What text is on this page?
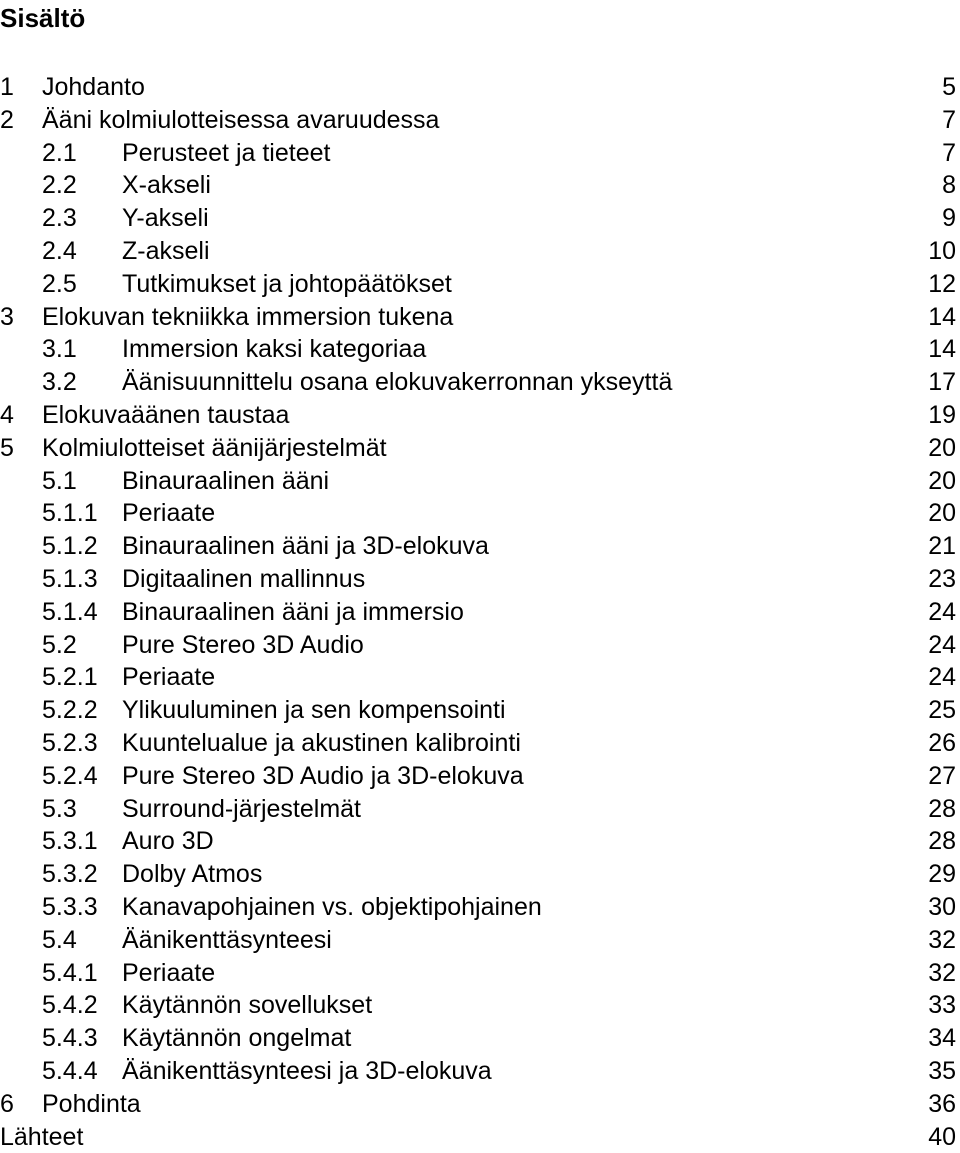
Sisältö
1 Johdanto	5
2 Ääni kolmiulotteisessa avaruudessa	7
2.1 Perusteet ja tieteet	7
2.2 X-akseli	8
2.3 Y-akseli	9
2.4 Z-akseli	10
2.5 Tutkimukset ja johtopäätökset	12
3 Elokuvan tekniikka immersion tukena	14
3.1 Immersion kaksi kategoriaa	14
3.2 Äänisuunnittelu osana elokuvakerronnan ykseyttä	17
4 Elokuvaäänen taustaa	19
5 Kolmiulotteiset äänijärjestelmät	20
5.1 Binauraalinen ääni	20
5.1.1 Periaate	20
5.1.2 Binauraalinen ääni ja 3D-elokuva	21
5.1.3 Digitaalinen mallinnus	23
5.1.4 Binauraalinen ääni ja immersio	24
5.2 Pure Stereo 3D Audio	24
5.2.1 Periaate	24
5.2.2 Ylikuuluminen ja sen kompensointi	25
5.2.3 Kuuntelualue ja akustinen kalibrointi	26
5.2.4 Pure Stereo 3D Audio ja 3D-elokuva	27
5.3 Surround-järjestelmät	28
5.3.1 Auro 3D	28
5.3.2 Dolby Atmos	29
5.3.3 Kanavapohjainen vs. objektipohjainen	30
5.4 Äänikenttäsynteesi	32
5.4.1 Periaate	32
5.4.2 Käytännön sovellukset	33
5.4.3 Käytännön ongelmat	34
5.4.4 Äänikenttäsynteesi ja 3D-elokuva	35
6 Pohdinta	36
Lähteet	40
